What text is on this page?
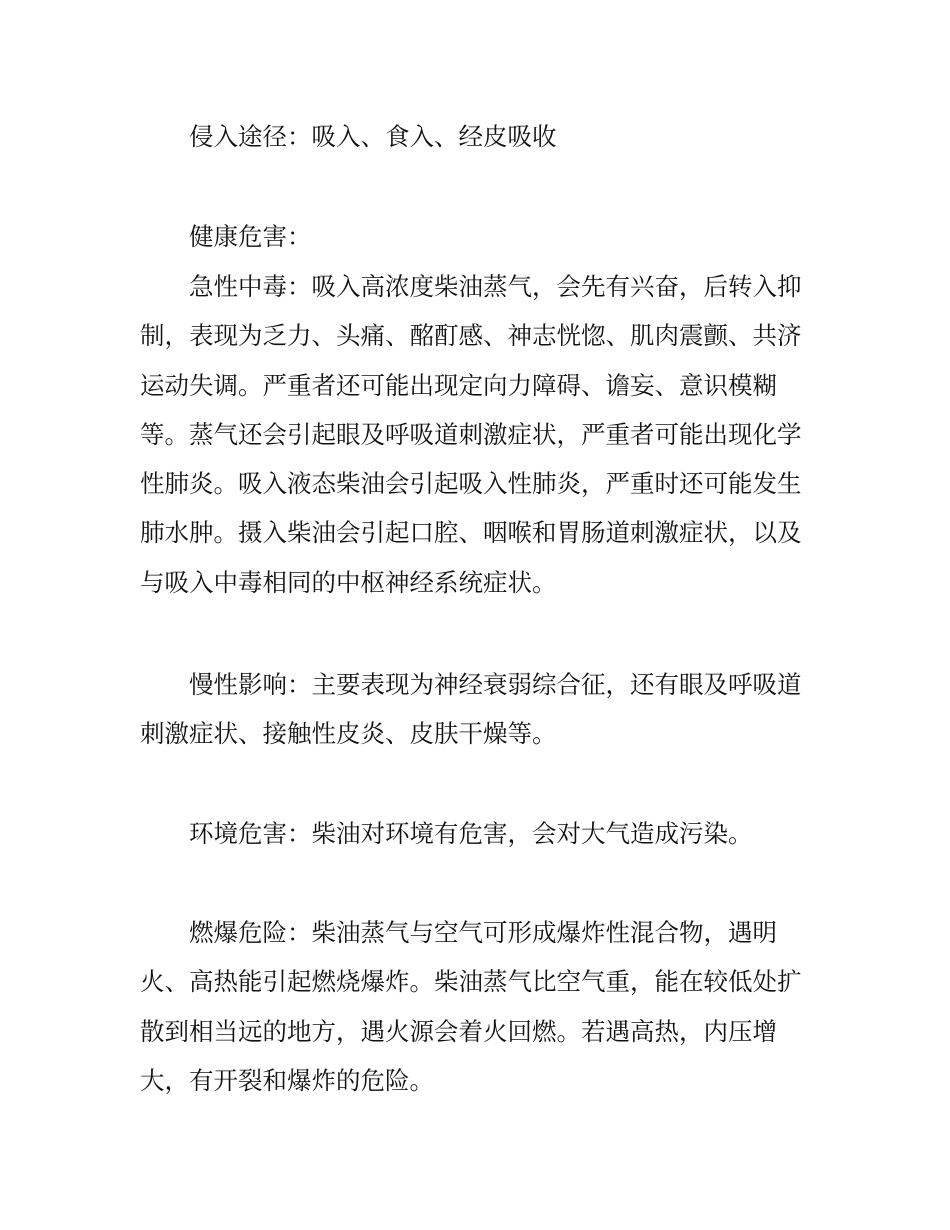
侵入途径：吸入、食入、经皮吸收

健康危害：

急性中毒：吸入高浓度柴油蒸气，会先有兴奋，后转入抑制，表现为乏力、头痛、酩酊感、神志恍惚、肌肉震颤、共济运动失调。严重者还可能出现定向力障碍、谵妄、意识模糊等。蒸气还会引起眼及呼吸道刺激症状，严重者可能出现化学性肺炎。吸入液态柴油会引起吸入性肺炎，严重时还可能发生肺水肿。摄入柴油会引起口腔、咽喉和胃肠道刺激症状，以及与吸入中毒相同的中枢神经系统症状。

慢性影响：主要表现为神经衰弱综合征，还有眼及呼吸道刺激症状、接触性皮炎、皮肤干燥等。

环境危害：柴油对环境有危害，会对大气造成污染。

燃爆危险：柴油蒸气与空气可形成爆炸性混合物，遇明火、高热能引起燃烧爆炸。柴油蒸气比空气重，能在较低处扩散到相当远的地方，遇火源会着火回燃。若遇高热，内压增大，有开裂和爆炸的危险。
